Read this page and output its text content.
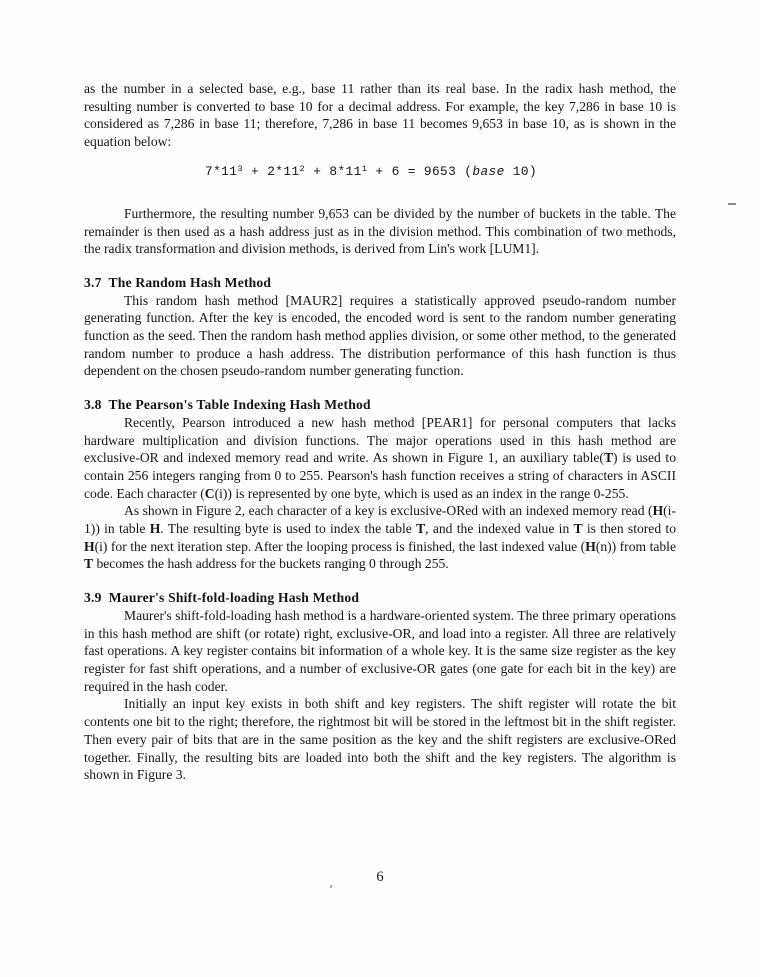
as the number in a selected base, e.g., base 11 rather than its real base. In the radix hash method, the resulting number is converted to base 10 for a decimal address. For example, the key 7,286 in base 10 is considered as 7,286 in base 11; therefore, 7,286 in base 11 becomes 9,653 in base 10, as is shown in the equation below:
$7*11^3 + 2*11^2 + 8*11^1 + 6 = 9653$ (base 10)
Furthermore, the resulting number 9,653 can be divided by the number of buckets in the table. The remainder is then used as a hash address just as in the division method. This combination of two methods, the radix transformation and division methods, is derived from Lin's work [LUM1].
3.7  The Random Hash Method
This random hash method [MAUR2] requires a statistically approved pseudo-random number generating function. After the key is encoded, the encoded word is sent to the random number generating function as the seed. Then the random hash method applies division, or some other method, to the generated random number to produce a hash address. The distribution performance of this hash function is thus dependent on the chosen pseudo-random number generating function.
3.8  The Pearson's Table Indexing Hash Method
Recently, Pearson introduced a new hash method [PEAR1] for personal computers that lacks hardware multiplication and division functions. The major operations used in this hash method are exclusive-OR and indexed memory read and write. As shown in Figure 1, an auxiliary table(T) is used to contain 256 integers ranging from 0 to 255. Pearson's hash function receives a string of characters in ASCII code. Each character (C(i)) is represented by one byte, which is used as an index in the range 0-255.
As shown in Figure 2, each character of a key is exclusive-ORed with an indexed memory read (H(i-1)) in table H. The resulting byte is used to index the table T, and the indexed value in T is then stored to H(i) for the next iteration step. After the looping process is finished, the last indexed value (H(n)) from table T becomes the hash address for the buckets ranging 0 through 255.
3.9  Maurer's Shift-fold-loading Hash Method
Maurer's shift-fold-loading hash method is a hardware-oriented system. The three primary operations in this hash method are shift (or rotate) right, exclusive-OR, and load into a register. All three are relatively fast operations. A key register contains bit information of a whole key. It is the same size register as the key register for fast shift operations, and a number of exclusive-OR gates (one gate for each bit in the key) are required in the hash coder.
Initially an input key exists in both shift and key registers. The shift register will rotate the bit contents one bit to the right; therefore, the rightmost bit will be stored in the leftmost bit in the shift register. Then every pair of bits that are in the same position as the key and the shift registers are exclusive-ORed together. Finally, the resulting bits are loaded into both the shift and the key registers. The algorithm is shown in Figure 3.
6
